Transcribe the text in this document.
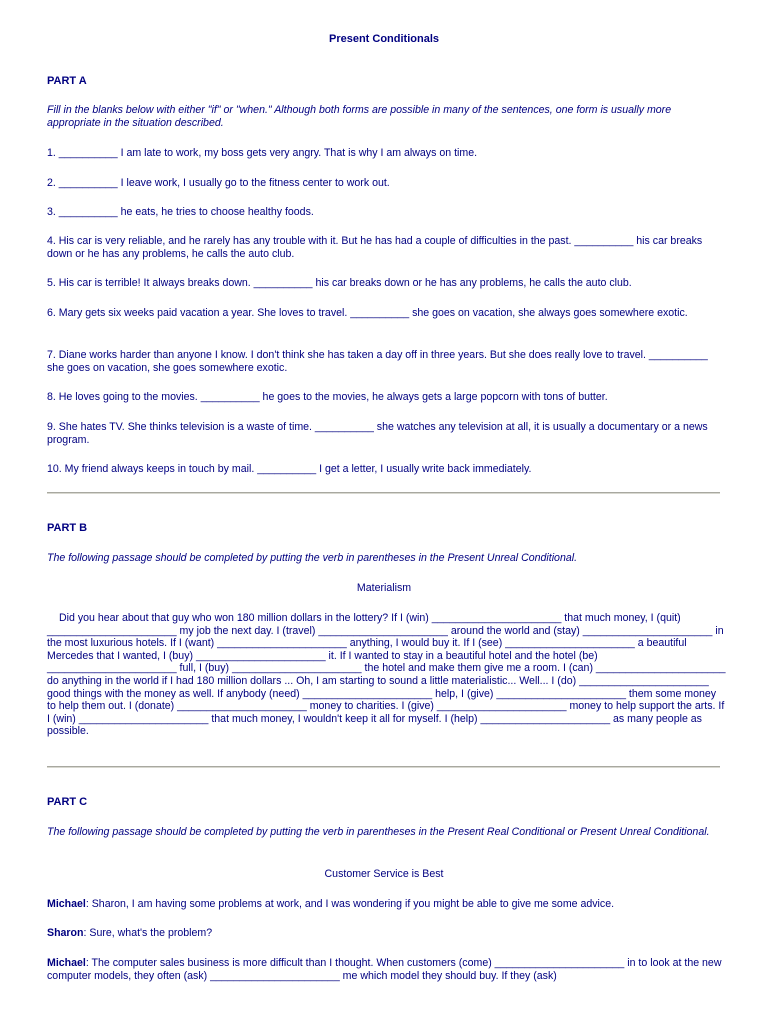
Present Conditionals
PART A
Fill in the blanks below with either "if" or "when." Although both forms are possible in many of the sentences, one form is usually more appropriate in the situation described.
1. __________ I am late to work, my boss gets very angry. That is why I am always on time.
2. __________ I leave work, I usually go to the fitness center to work out.
3. __________ he eats, he tries to choose healthy foods.
4. His car is very reliable, and he rarely has any trouble with it. But he has had a couple of difficulties in the past. __________ his car breaks down or he has any problems, he calls the auto club.
5. His car is terrible! It always breaks down. __________ his car breaks down or he has any problems, he calls the auto club.
6. Mary gets six weeks paid vacation a year. She loves to travel. __________ she goes on vacation, she always goes somewhere exotic.
7. Diane works harder than anyone I know. I don't think she has taken a day off in three years. But she does really love to travel. __________ she goes on vacation, she goes somewhere exotic.
8. He loves going to the movies. __________ he goes to the movies, he always gets a large popcorn with tons of butter.
9. She hates TV. She thinks television is a waste of time. __________ she watches any television at all, it is usually a documentary or a news program.
10. My friend always keeps in touch by mail. __________ I get a letter, I usually write back immediately.
PART B
The following passage should be completed by putting the verb in parentheses in the Present Unreal Conditional.
Materialism
Did you hear about that guy who won 180 million dollars in the lottery? If I (win) ______________________ that much money, I (quit) ______________________ my job the next day. I (travel) ______________________ around the world and (stay) ______________________ in the most luxurious hotels. If I (want) ______________________ anything, I would buy it. If I (see) ______________________ a beautiful Mercedes that I wanted, I (buy) ______________________ it. If I wanted to stay in a beautiful hotel and the hotel (be) ______________________ full, I (buy) ______________________ the hotel and make them give me a room. I (can) ______________________ do anything in the world if I had 180 million dollars ... Oh, I am starting to sound a little materialistic... Well... I (do) ______________________ good things with the money as well. If anybody (need) ______________________ help, I (give) ______________________ them some money to help them out. I (donate) ______________________ money to charities. I (give) ______________________ money to help support the arts. If I (win) ______________________ that much money, I wouldn't keep it all for myself. I (help) ______________________ as many people as possible.
PART C
The following passage should be completed by putting the verb in parentheses in the Present Real Conditional or Present Unreal Conditional.
Customer Service is Best
Michael: Sharon, I am having some problems at work, and I was wondering if you might be able to give me some advice.
Sharon: Sure, what's the problem?
Michael: The computer sales business is more difficult than I thought. When customers (come) ______________________ in to look at the new computer models, they often (ask) ______________________ me which model they should buy. If they (ask)
